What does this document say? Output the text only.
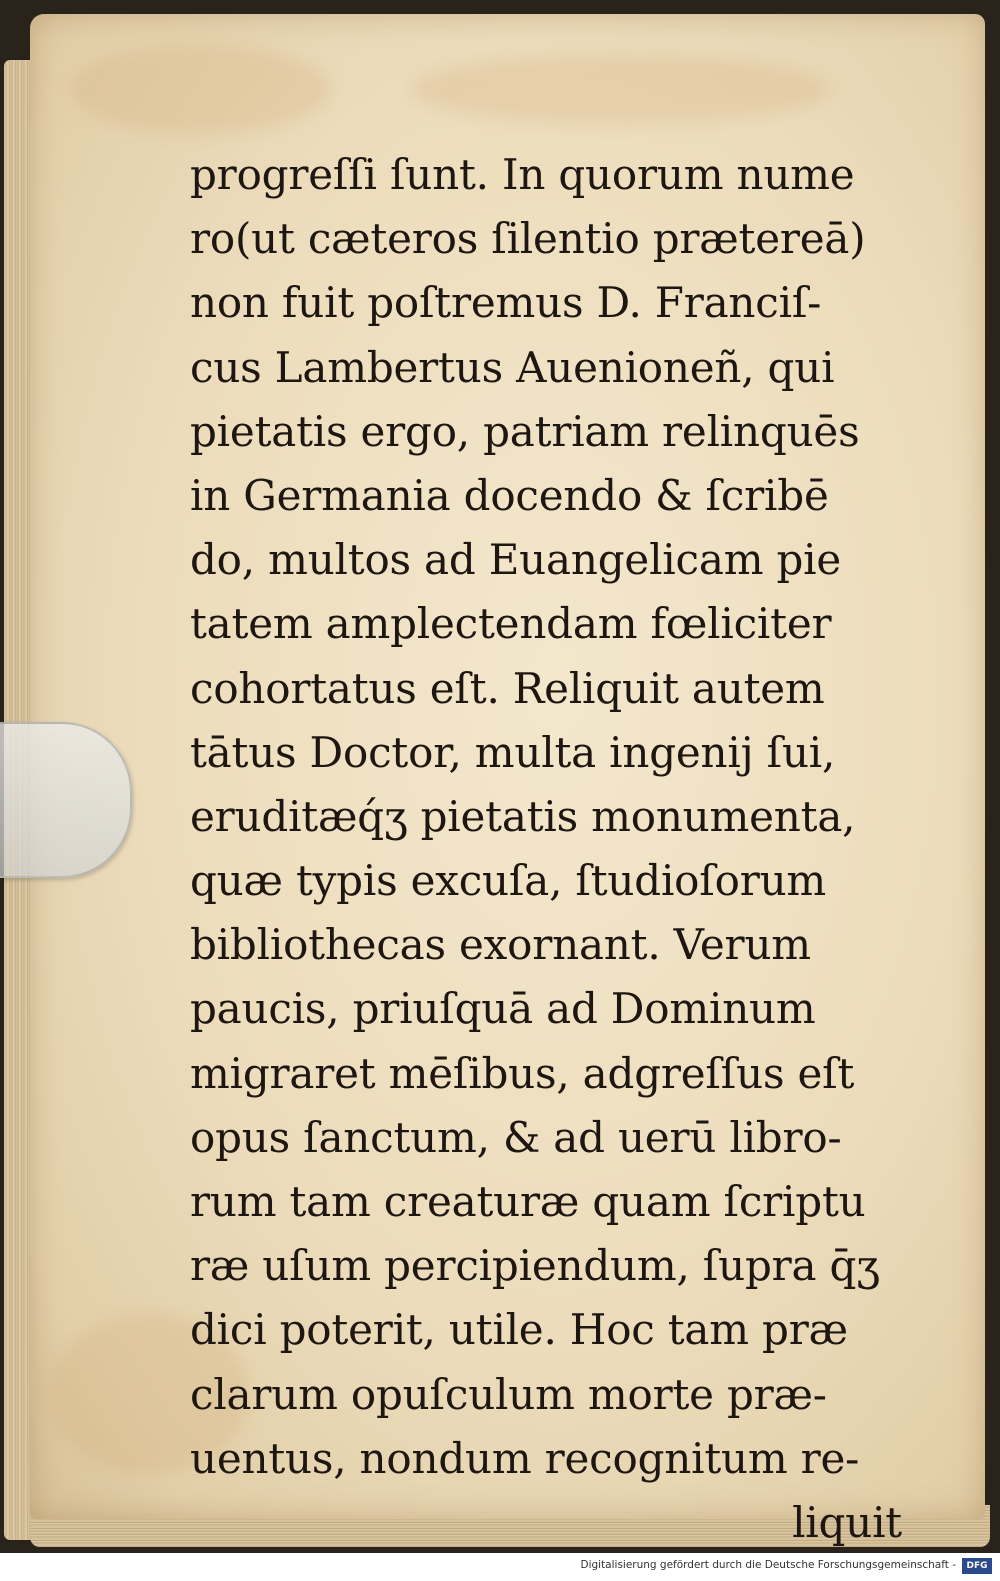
progreſſi ſunt. In quorum nume
ro(ut cæteros ſilentio prætereā)
non fuit poſtremus D. Franciſ-
cus Lambertus Auenioneñ, qui
pietatis ergo, patriam relinquēs
in Germania docendo & ſcribē
do, multos ad Euangelicam pie
tatem amplectendam fœliciter
cohortatus eſt. Reliquit autem
tātus Doctor, multa ingenij ſui,
eruditæq́ʒ pietatis monumenta,
quæ typis excuſa, ſtudioſorum
bibliothecas exornant. Verum
paucis, priuſquā ad Dominum
migraret mēſibus, adgreſſus eſt
opus ſanctum, & ad uerū libro-
rum tam creaturæ quam ſcriptu
ræ uſum percipiendum, ſupra q̄ʒ
dici poterit, utile. Hoc tam præ
clarum opuſculum morte præ-
uentus, nondum recognitum re-
liquit
Digitalisierung gefördert durch die Deutsche Forschungsgemeinschaft -	DFG
